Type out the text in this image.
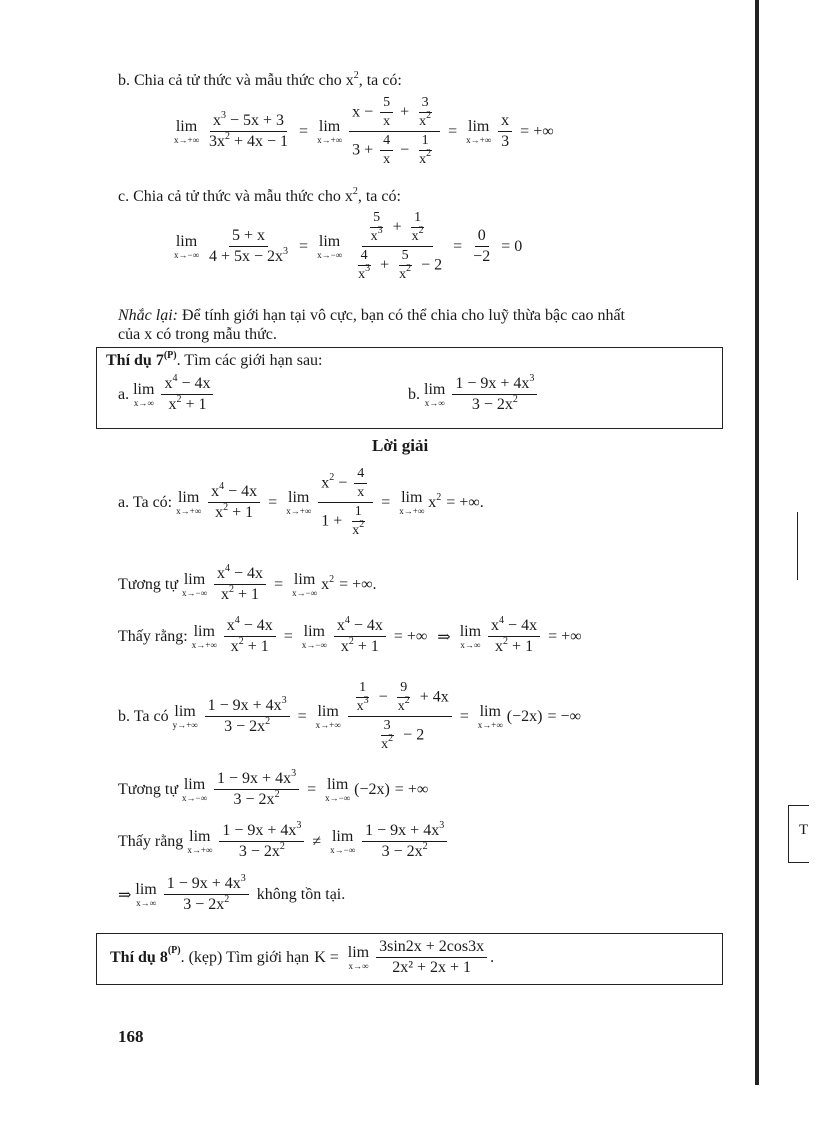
b. Chia cả tử thức và mẫu thức cho $x^2$, ta có:
lim
$x\to+\infty \frac{x^3 - 5x + 3}{3x^2 + 4x - 1} = \lim$
$x\to+\infty \frac{x - \frac{5}{x} + \frac{3}{x^2}}{3 + \frac{4}{x} - \frac{1}{x^2}} = \lim$
$x\to+\infty \frac{x}{3}$ = +∞
c. Chia cả tử thức và mẫu thức cho $x^2$, ta có:
lim
$x\to-\infty \frac{5 + x}{4 + 5x - 2x^3} = \lim$
$x\to-\infty \frac{\frac{5}{x^3} + \frac{1}{x^2}}{\frac{4}{x^3} + \frac{5}{x^2} - 2} = \frac{0}{-2} = 0$
Nhắc lại: Để tính giới hạn tại vô cực, bạn có thể chia cho luỹ thừa bậc cao nhất
của x có trong mẫu thức.
Thí dụ $7^{(P)}$. Tìm các giới hạn sau:
a. lim
$x\to\infty \frac{x^4 - 4x}{x^2 + 1}$	b. lim
$x\to\infty \frac{1 - 9x + 4x^3}{3 - 2x^2}$
Lời giải
a. Ta có: lim
$x\to+\infty \frac{x^4 - 4x}{x^2 + 1} = \lim$
$x\to+\infty \frac{x^2 - \frac{4}{x}}{1 + \frac{1}{x^2}} = \lim$
x→+∞ $x^2$ = +∞.
Tương tự lim
$x\to-\infty \frac{x^4 - 4x}{x^2 + 1} = \lim$
x→−∞ $x^2$ = +∞.
Thấy rằng: lim
$x\to+\infty \frac{x^4 - 4x}{x^2 + 1} = \lim$
$x\to-\infty \frac{x^4 - 4x}{x^2 + 1}$ = +∞ ⇒ lim
$x\to\infty \frac{x^4 - 4x}{x^2 + 1}$ = +∞
b. Ta có lim
$y\to+\infty \frac{1 - 9x + 4x^3}{3 - 2x^2} = \lim$
$x\to+\infty \frac{\frac{1}{x^3} - \frac{9}{x^2} + 4x}{\frac{3}{x^2} - 2} = \lim$
x→+∞ (−2x) = −∞
Tương tự lim
$x\to-\infty \frac{1 - 9x + 4x^3}{3 - 2x^2} = \lim$
x→−∞ (−2x) = +∞
Thấy rằng lim
$x\to+\infty \frac{1 - 9x + 4x^3}{3 - 2x^2} \ne \lim$
$x\to-\infty \frac{1 - 9x + 4x^3}{3 - 2x^2}$
⇒ lim
$x\to\infty \frac{1 - 9x + 4x^3}{3 - 2x^2}$ không tồn tại.
Thí dụ 8 (P) . (kẹp) Tìm giới hạn K = lim
$x\to\infty \frac{3\sin 2x + 2\cos 3x}{\text{2x² + 2x + 1}}$ .
168
T
